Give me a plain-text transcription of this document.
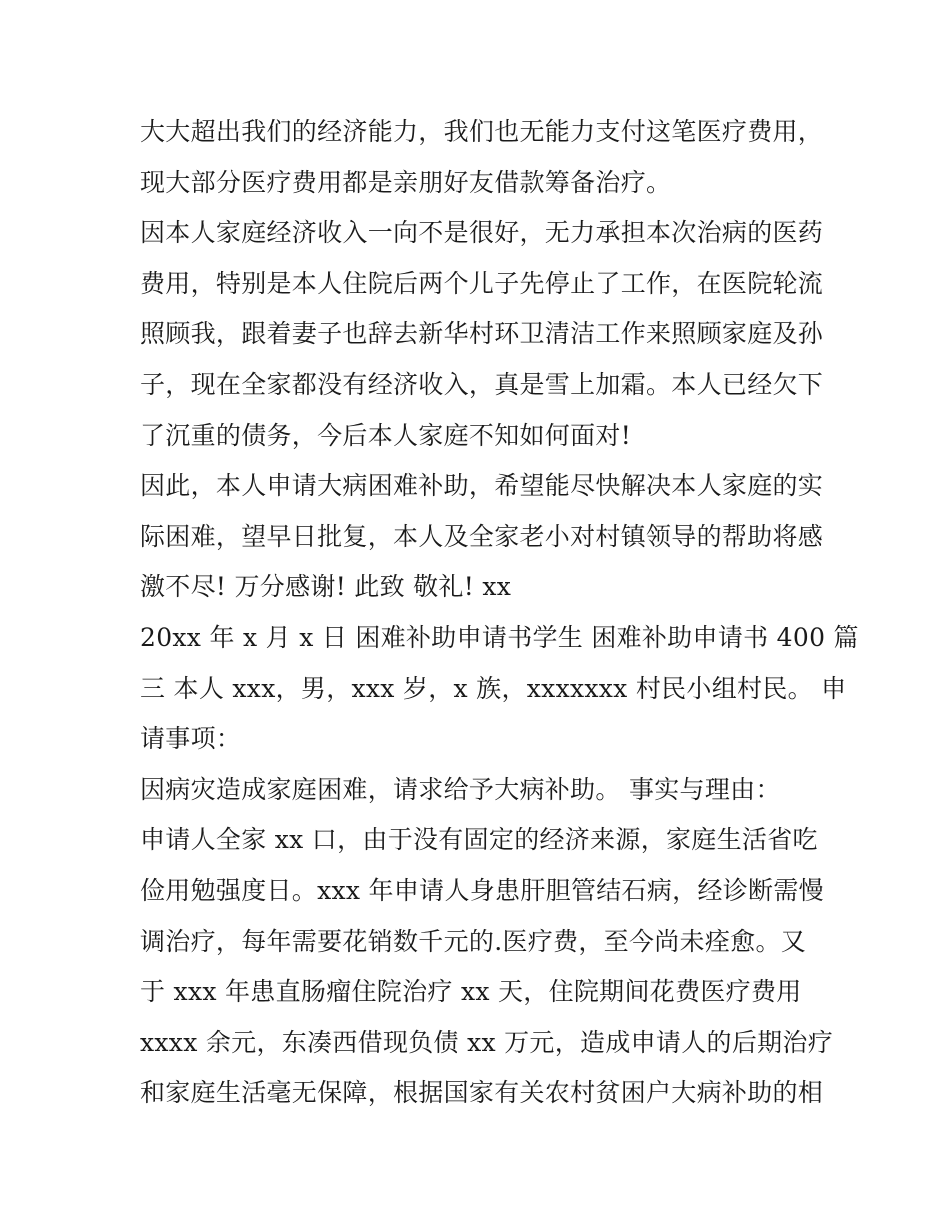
大大超出我们的经济能力，我们也无能力支付这笔医疗费用，
现大部分医疗费用都是亲朋好友借款筹备治疗。
因本人家庭经济收入一向不是很好，无力承担本次治病的医药
费用，特别是本人住院后两个儿子先停止了工作，在医院轮流
照顾我，跟着妻子也辞去新华村环卫清洁工作来照顾家庭及孙
子，现在全家都没有经济收入，真是雪上加霜。本人已经欠下
了沉重的债务，今后本人家庭不知如何面对!
因此，本人申请大病困难补助，希望能尽快解决本人家庭的实
际困难，望早日批复，本人及全家老小对村镇领导的帮助将感
激不尽! 万分感谢! 此致 敬礼! xx
20xx 年 x 月 x 日 困难补助申请书学生 困难补助申请书 400 篇
三 本人 xxx，男，xxx 岁，x 族，xxxxxxx 村民小组村民。 申
请事项：
因病灾造成家庭困难，请求给予大病补助。 事实与理由：
申请人全家 xx 口，由于没有固定的经济来源，家庭生活省吃
俭用勉强度日。xxx 年申请人身患肝胆管结石病，经诊断需慢
调治疗，每年需要花销数千元的.医疗费，至今尚未痊愈。又
于 xxx 年患直肠瘤住院治疗 xx 天，住院期间花费医疗费用
xxxx 余元，东凑西借现负债 xx 万元，造成申请人的后期治疗
和家庭生活毫无保障，根据国家有关农村贫困户大病补助的相
